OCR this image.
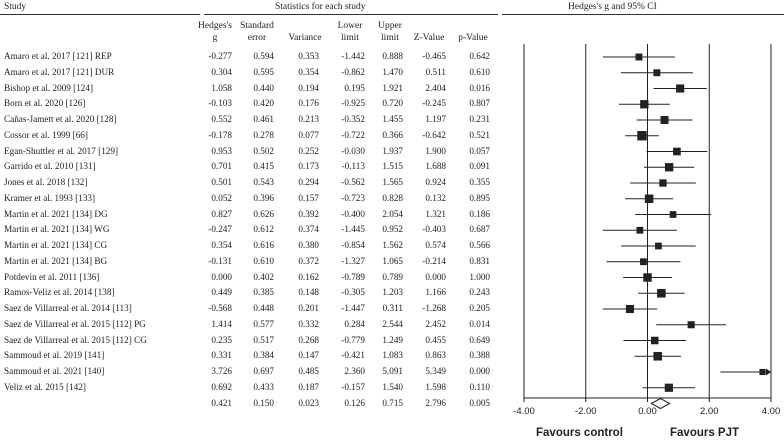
Study	Statistics for each study	Hedges's g and 95% CI
Hedges's
g
Standard
error	Variance
Lower
limit
Upper
limit	Z-Value	p-Value
Amaro et al. 2017 [121] REP	-0.277	0.594	0.353	-1.442	0.888	-0.465	0.642
Amaro et al. 2017 [121] DUR	0.304	0.595	0.354	-0.862	1.470	0.511	0.610
Bishop et al. 2009 [124]	1.058	0.440	0.194	0.195	1.921	2.404	0.016
Born et al. 2020 [126]	-0.103	0.420	0.176	-0.925	0.720	-0.245	0.807
Cañas-Jamett et al. 2020 [128]	0.552	0.461	0.213	-0.352	1.455	1.197	0.231
Cossor et al. 1999 [66]	-0.178	0.278	0.077	-0.722	0.366	-0.642	0.521
Egan-Shuttler et al. 2017 [129]	0.953	0.502	0.252	-0.030	1.937	1.900	0.057
Garrido et al. 2010 [131]	0.701	0.415	0.173	-0.113	1.515	1.688	0.091
Jones et al. 2018 [132]	0.501	0.543	0.294	-0.562	1.565	0.924	0.355
Kramer et al. 1993 [133]	0.052	0.396	0.157	-0.723	0.828	0.132	0.895
Martin et al. 2021 [134] DG	0.827	0.626	0.392	-0.400	2.054	1.321	0.186
Martin et al. 2021 [134] WG	-0.247	0.612	0.374	-1.445	0.952	-0.403	0.687
Martin et al. 2021 [134] CG	0.354	0.616	0.380	-0.854	1.562	0.574	0.566
Martin et al. 2021 [134] BG	-0.131	0.610	0.372	-1.327	1.065	-0.214	0.831
Potdevin et al. 2011 [136]	0.000	0.402	0.162	-0.789	0.789	0.000	1.000
Ramos-Veliz et al. 2014 [138]	0.449	0.385	0.148	-0.305	1.203	1.166	0.243
Saez de Villarreal et al. 2014 [113]	-0.568	0.448	0.201	-1.447	0.311	-1.268	0.205
Saez de Villarreal et al. 2015 [112] PG	1.414	0.577	0.332	0.284	2.544	2.452	0.014
Saez de Villarreal et al. 2015 [112] CG	0.235	0.517	0.268	-0.779	1.249	0.455	0.649
Sammoud et al. 2019 [141]	0.331	0.384	0.147	-0.421	1.083	0.863	0.388
Sammoud et al. 2021 [140]	3.726	0.697	0.485	2.360	5.091	5.349	0.000
Veliz et al. 2015 [142]	0.692	0.433	0.187	-0.157	1.540	1.598	0.110
0.421	0.150	0.023	0.126	0.715	2.796	0.005
-4.00	-2.00	0.00	2.00	4.00
Favours control	Favours PJT
